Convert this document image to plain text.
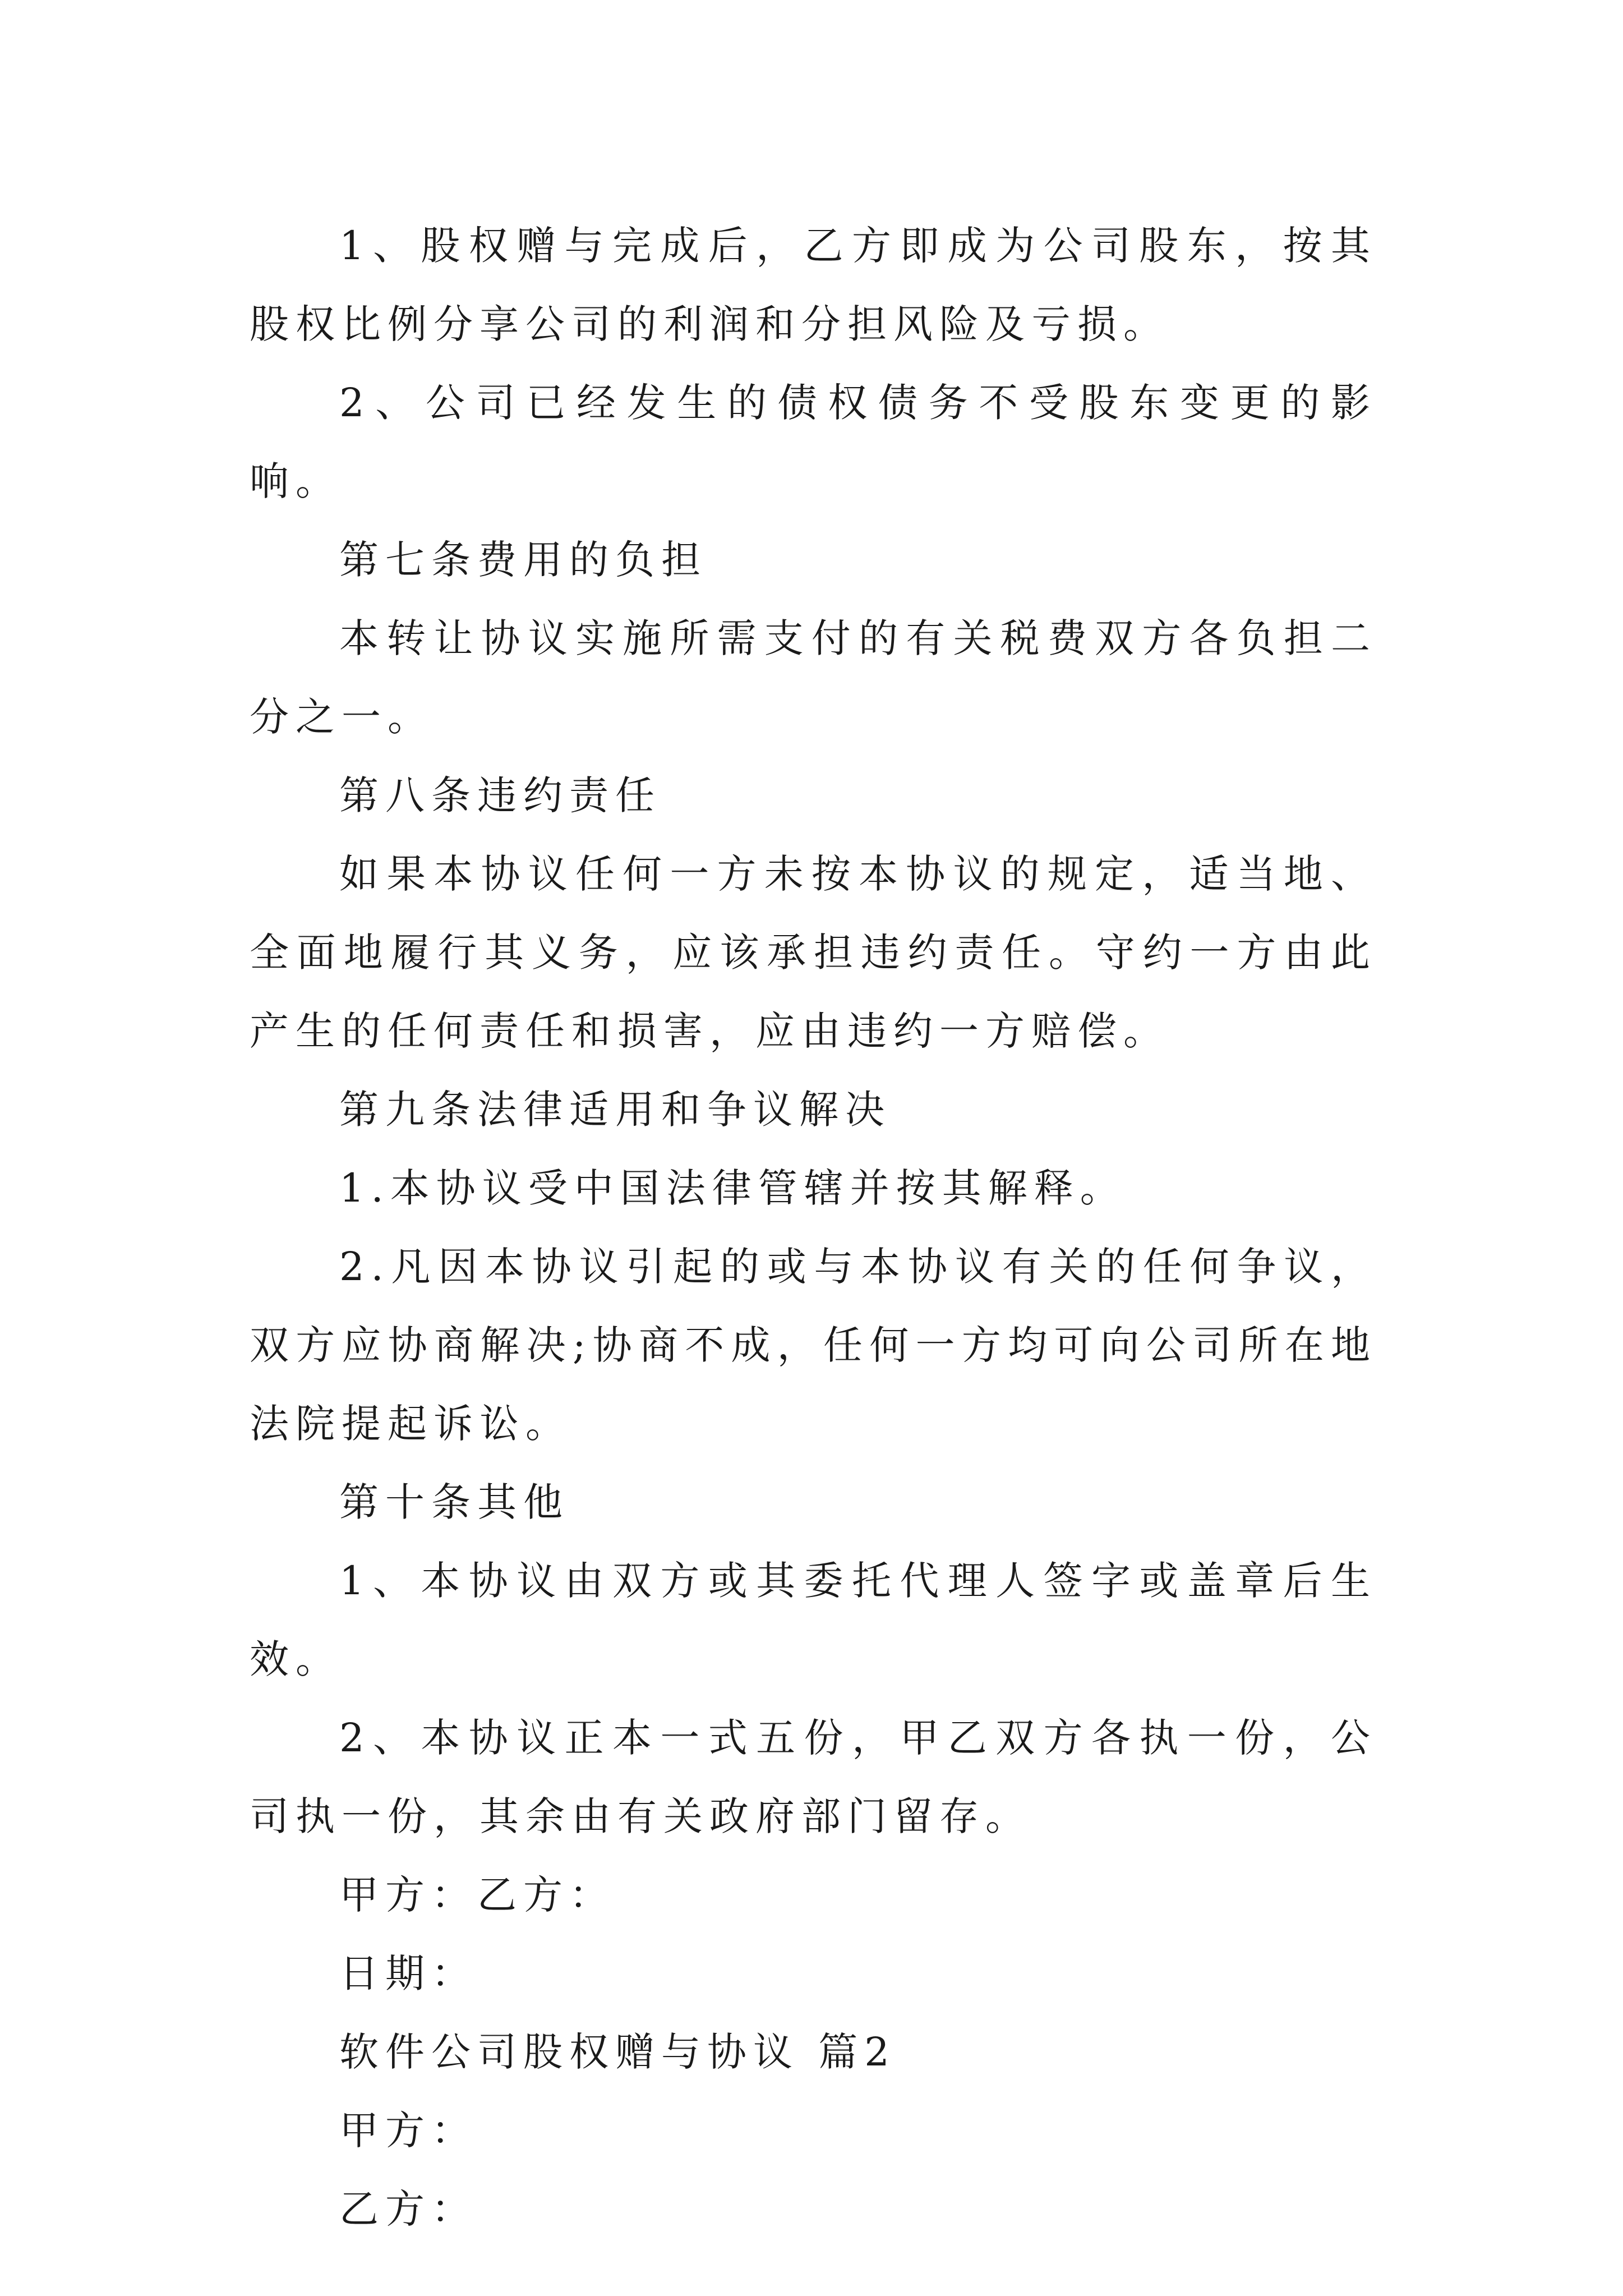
1、股权赠与完成后，乙方即成为公司股东，按其股权比例分享公司的利润和分担风险及亏损。

2、公司已经发生的债权债务不受股东变更的影响。

第七条费用的负担

本转让协议实施所需支付的有关税费双方各负担二分之一。

第八条违约责任

如果本协议任何一方未按本协议的规定，适当地、全面地履行其义务，应该承担违约责任。守约一方由此产生的任何责任和损害，应由违约一方赔偿。

第九条法律适用和争议解决

1.本协议受中国法律管辖并按其解释。

2.凡因本协议引起的或与本协议有关的任何争议，双方应协商解决;协商不成，任何一方均可向公司所在地法院提起诉讼。

第十条其他

1、本协议由双方或其委托代理人签字或盖章后生效。

2、本协议正本一式五份，甲乙双方各执一份，公司执一份，其余由有关政府部门留存。

甲方：乙方：

日期：

软件公司股权赠与协议 篇2

甲方：

乙方：
